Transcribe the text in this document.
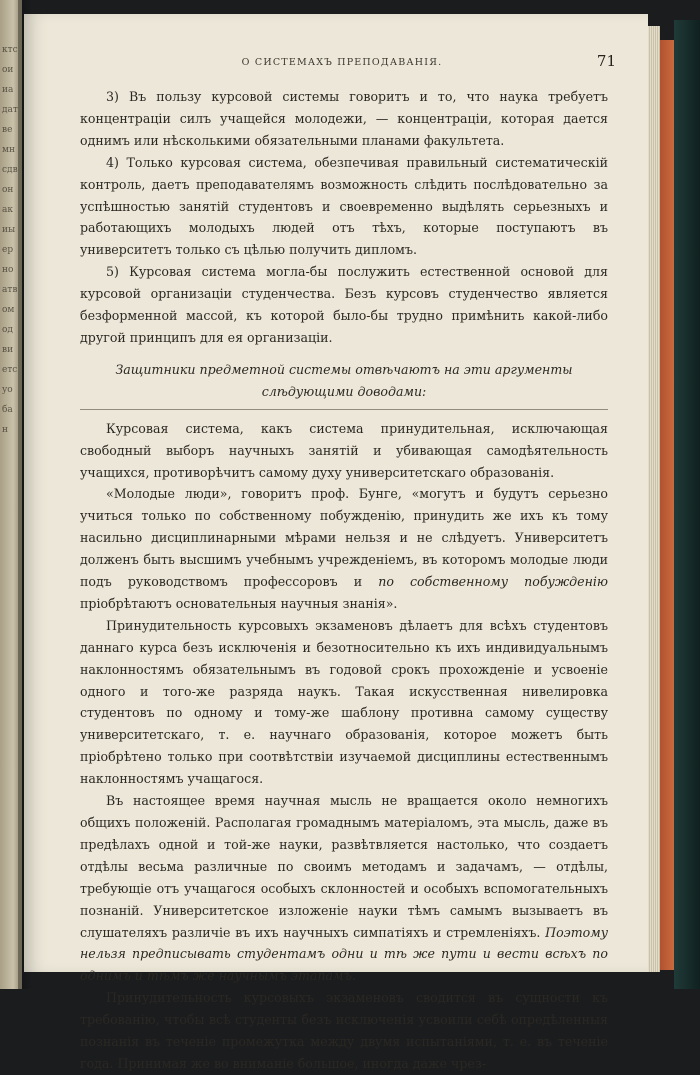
ктсоииадатвемнсдвонакиыерноатвомодвиетсуобан
О СИСТЕМАХЪ ПРЕПОДАВАНІЯ.	71

3) Въ пользу курсовой системы говоритъ и то, что наука требуетъ концентраціи силъ учащейся молодежи, — концентраціи, которая дается однимъ или нѣсколькими обязательными планами факультета.

4) Только курсовая система, обезпечивая правильный систематическій контроль, даетъ преподавателямъ возможность слѣдить послѣдовательно за успѣшностью занятій студентовъ и своевременно выдѣлять серьезныхъ и работающихъ молодыхъ людей отъ тѣхъ, которые поступаютъ въ университетъ только съ цѣлью получить дипломъ.

5) Курсовая система могла-бы послужить естественной основой для курсовой организаціи студенчества. Безъ курсовъ студенчество является безформенной массой, къ которой было-бы трудно примѣнить какой-либо другой принципъ для ея организаціи.

Защитники предметной системы отвѣчаютъ на эти аргументы слѣдующими доводами:

Курсовая система, какъ система принудительная, исключающая свободный выборъ научныхъ занятій и убивающая самодѣятельность учащихся, противорѣчитъ самому духу университетскаго образованія.

«Молодые люди», говоритъ проф. Бунге, «могутъ и будутъ серьезно учиться только по собственному побужденію, принудить же ихъ къ тому насильно дисциплинарными мѣрами нельзя и не слѣдуетъ. Университетъ долженъ быть высшимъ учебнымъ учрежденіемъ, въ которомъ молодые люди подъ руководствомъ профессоровъ и по собственному побужденію пріобрѣтаютъ основательныя научныя знанія».

Принудительность курсовыхъ экзаменовъ дѣлаетъ для всѣхъ студентовъ даннаго курса безъ исключенія и безотносительно къ ихъ индивидуальнымъ наклонностямъ обязательнымъ въ годовой срокъ прохожденіе и усвоеніе одного и того-же разряда наукъ. Такая искусственная нивелировка студентовъ по одному и тому-же шаблону противна самому существу университетскаго, т. е. научнаго образованія, которое можетъ быть пріобрѣтено только при соотвѣтствіи изучаемой дисциплины естественнымъ наклонностямъ учащагося.

Въ настоящее время научная мысль не вращается около немногихъ общихъ положеній. Располагая громаднымъ матеріаломъ, эта мысль, даже въ предѣлахъ одной и той-же науки, развѣтвляется настолько, что создаетъ отдѣлы весьма различные по своимъ методамъ и задачамъ, — отдѣлы, требующіе отъ учащагося особыхъ склонностей и особыхъ вспомогательныхъ познаній. Университетское изложеніе науки тѣмъ самымъ вызываетъ въ слушателяхъ различіе въ ихъ научныхъ симпатіяхъ и стремленіяхъ. Поэтому нельзя предписывать студентамъ одни и тѣ же пути и вести всѣхъ по однимъ и тѣмъ же научнымъ этапамъ.

Принудительность курсовыхъ экзаменовъ сводится въ сущности къ требованію, чтобы всѣ студенты безъ исключенія усвоили себѣ опредѣленныя познанія въ теченіе промежутка между двумя испытаніями, т. е. въ теченіе года. Принимая же во вниманіе большое, иногда даже чрез-
